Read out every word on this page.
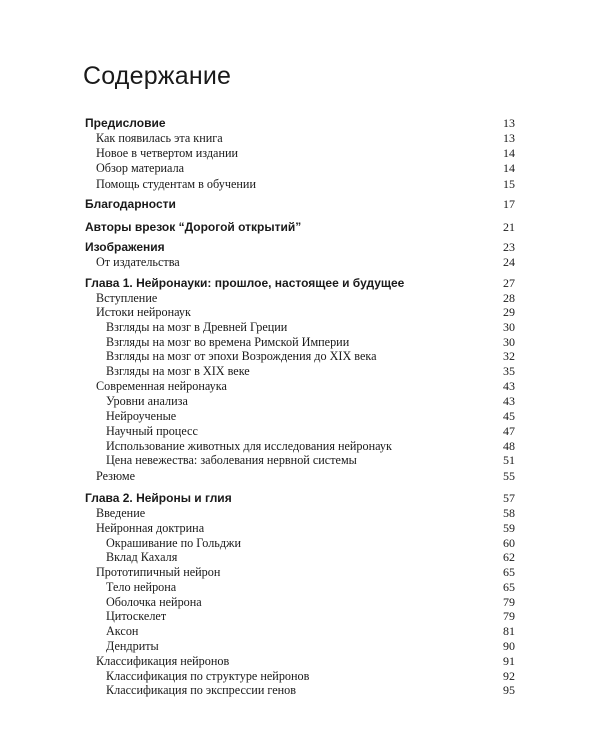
Содержание
Предисловие	13
Как появилась эта книга	13
Новое в четвертом издании	14
Обзор материала	14
Помощь студентам в обучении	15
Благодарности	17
Авторы врезок “Дорогой открытий”	21
Изображения	23
От издательства	24
Глава 1. Нейронауки: прошлое, настоящее и будущее	27
Вступление	28
Истоки нейронаук	29
Взгляды на мозг в Древней Греции	30
Взгляды на мозг во времена Римской Империи	30
Взгляды на мозг от эпохи Возрождения до XIX века	32
Взгляды на мозг в XIX веке	35
Современная нейронаука	43
Уровни анализа	43
Нейроученые	45
Научный процесс	47
Использование животных для исследования нейронаук	48
Цена невежества: заболевания нервной системы	51
Резюме	55
Глава 2. Нейроны и глия	57
Введение	58
Нейронная доктрина	59
Окрашивание по Гольджи	60
Вклад Кахаля	62
Прототипичный нейрон	65
Тело нейрона	65
Оболочка нейрона	79
Цитоскелет	79
Аксон	81
Дендриты	90
Классификация нейронов	91
Классификация по структуре нейронов	92
Классификация по экспрессии генов	95
